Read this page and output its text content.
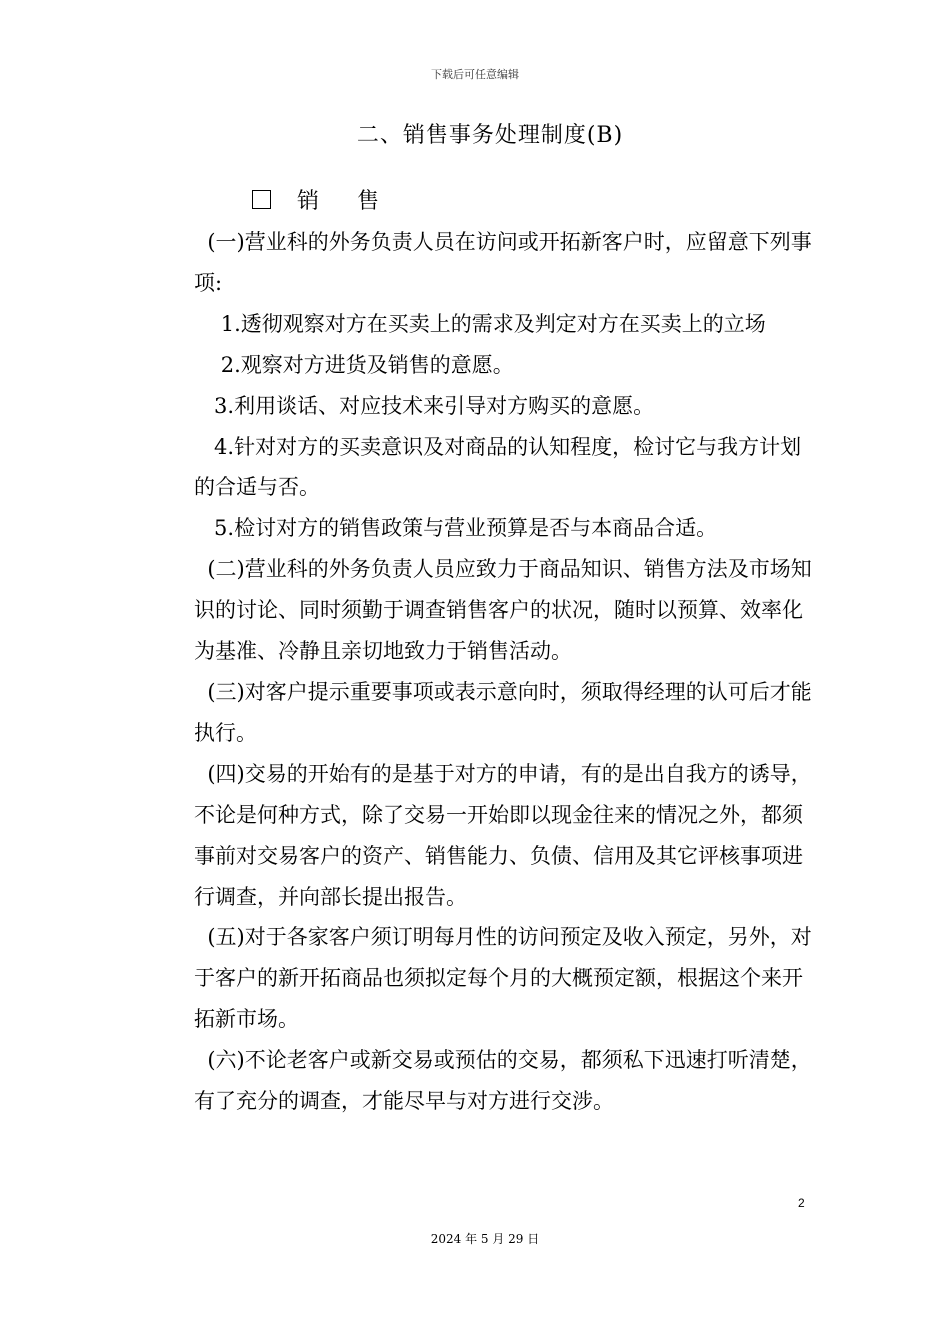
下载后可任意编辑
二、销售事务处理制度(B)
销售

(一)营业科的外务负责人员在访问或开拓新客户时，应留意下列事项:

1.透彻观察对方在买卖上的需求及判定对方在买卖上的立场

2.观察对方进货及销售的意愿。

3.利用谈话、对应技术来引导对方购买的意愿。

4.针对对方的买卖意识及对商品的认知程度，检讨它与我方计划的合适与否。

5.检讨对方的销售政策与营业预算是否与本商品合适。

(二)营业科的外务负责人员应致力于商品知识、销售方法及市场知识的讨论、同时须勤于调查销售客户的状况，随时以预算、效率化为基准、冷静且亲切地致力于销售活动。

(三)对客户提示重要事项或表示意向时，须取得经理的认可后才能执行。

(四)交易的开始有的是基于对方的申请，有的是出自我方的诱导，不论是何种方式，除了交易一开始即以现金往来的情况之外，都须事前对交易客户的资产、销售能力、负债、信用及其它评核事项进行调查，并向部长提出报告。

(五)对于各家客户须订明每月性的访问预定及收入预定，另外，对于客户的新开拓商品也须拟定每个月的大概预定额，根据这个来开拓新市场。

(六)不论老客户或新交易或预估的交易，都须私下迅速打听清楚，有了充分的调查，才能尽早与对方进行交涉。

2
2024 年 5 月 29 日
